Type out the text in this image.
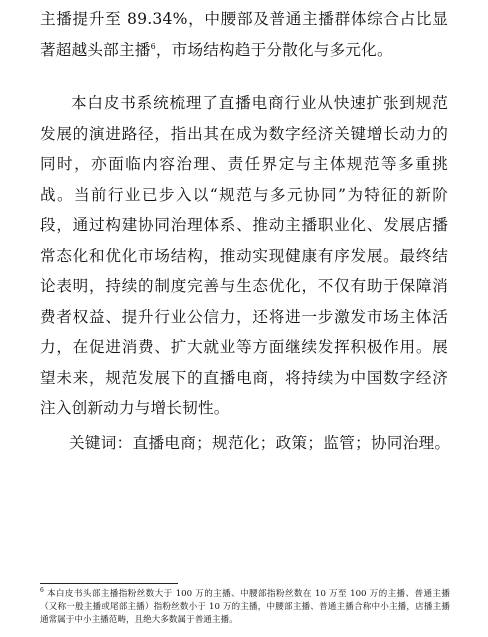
主播提升至 89.34%，中腰部及普通主播群体综合占比显著超越头部主播$^6$，市场结构趋于分散化与多元化。

本白皮书系统梳理了直播电商行业从快速扩张到规范发展的演进路径，指出其在成为数字经济关键增长动力的同时，亦面临内容治理、责任界定与主体规范等多重挑战。当前行业已步入以“规范与多元协同”为特征的新阶段，通过构建协同治理体系、推动主播职业化、发展店播常态化和优化市场结构，推动实现健康有序发展。最终结论表明，持续的制度完善与生态优化，不仅有助于保障消费者权益、提升行业公信力，还将进一步激发市场主体活力，在促进消费、扩大就业等方面继续发挥积极作用。展望未来，规范发展下的直播电商，将持续为中国数字经济注入创新动力与增长韧性。

关键词：直播电商；规范化；政策；监管；协同治理。

$^6$ 本白皮书头部主播指粉丝数大于 100 万的主播、中腰部指粉丝数在 10 万至 100 万的主播、普通主播（又称一般主播或尾部主播）指粉丝数小于 10 万的主播，中腰部主播、普通主播合称中小主播，店播主播通常属于中小主播范畴，且绝大多数属于普通主播。
